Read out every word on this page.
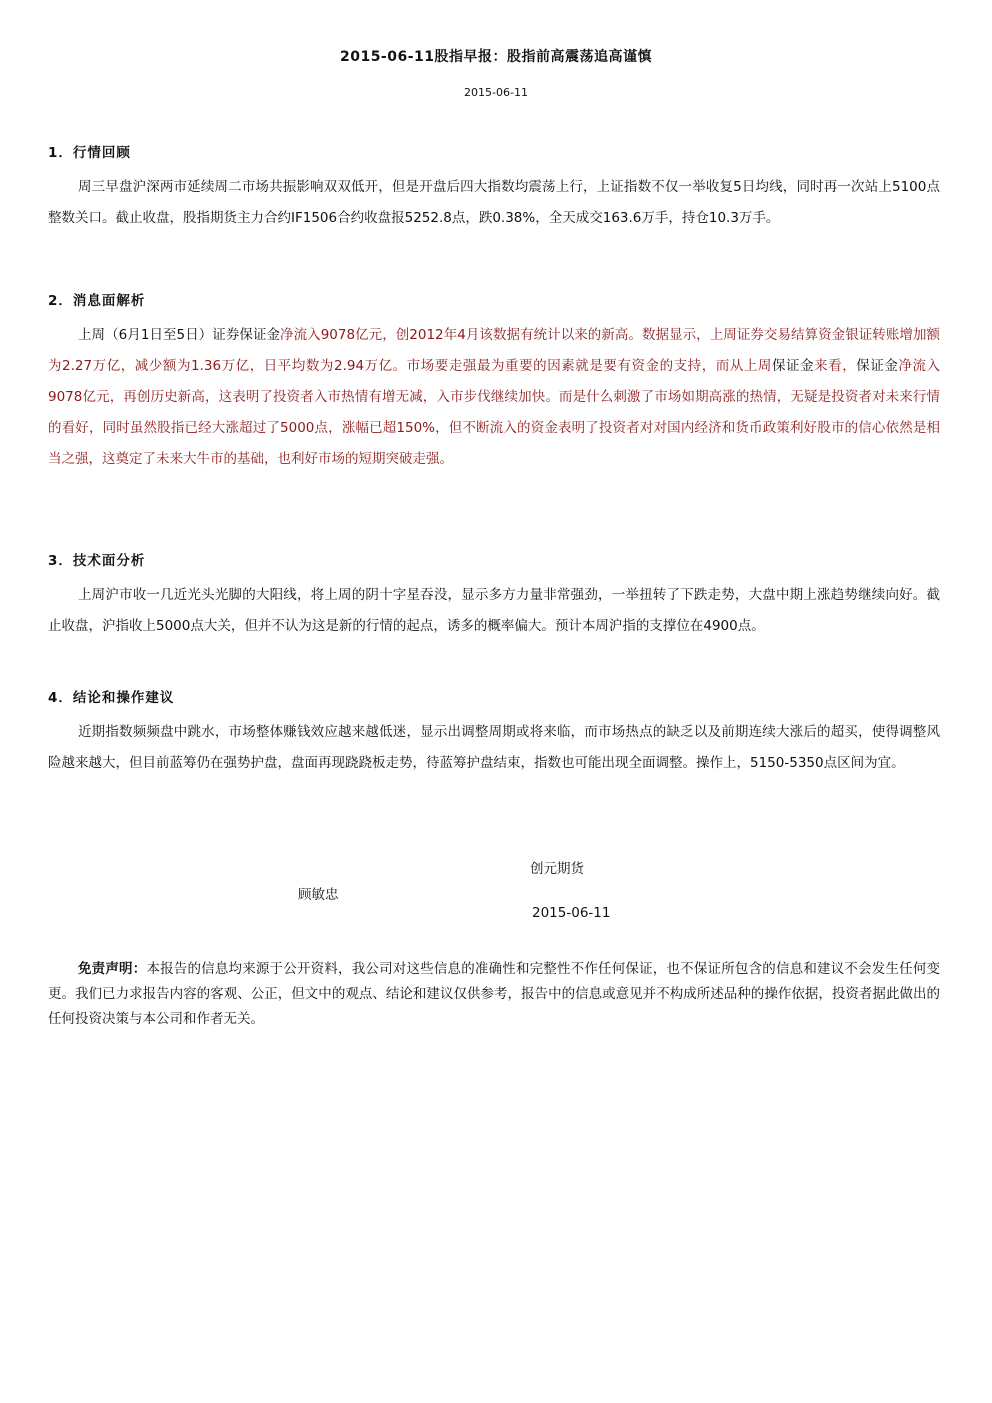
2015-06-11股指早报：股指前高震荡追高谨慎
2015-06-11
1．行情回顾

周三早盘沪深两市延续周二市场共振影响双双低开，但是开盘后四大指数均震荡上行，上证指数不仅一举收复5日均线，同时再一次站上5100点整数关口。截止收盘，股指期货主力合约IF1506合约收盘报5252.8点，跌0.38%，全天成交163.6万手，持仓10.3万手。

2．消息面解析

上周（6月1日至5日）证券保证金净流入9078亿元，创2012年4月该数据有统计以来的新高。数据显示，上周证券交易结算资金银证转账增加额为2.27万亿，减少额为1.36万亿，日平均数为2.94万亿。市场要走强最为重要的因素就是要有资金的支持，而从上周保证金来看，保证金净流入9078亿元，再创历史新高，这表明了投资者入市热情有增无减，入市步伐继续加快。而是什么刺激了市场如期高涨的热情，无疑是投资者对未来行情的看好，同时虽然股指已经大涨超过了5000点，涨幅已超150%，但不断流入的资金表明了投资者对对国内经济和货币政策利好股市的信心依然是相当之强，这奠定了未来大牛市的基础，也利好市场的短期突破走强。

3．技术面分析

上周沪市收一几近光头光脚的大阳线，将上周的阴十字星吞没，显示多方力量非常强劲，一举扭转了下跌走势，大盘中期上涨趋势继续向好。截止收盘，沪指收上5000点大关，但并不认为这是新的行情的起点，诱多的概率偏大。预计本周沪指的支撑位在4900点。

4．结论和操作建议

近期指数频频盘中跳水，市场整体赚钱效应越来越低迷，显示出调整周期或将来临，而市场热点的缺乏以及前期连续大涨后的超买，使得调整风险越来越大，但目前蓝筹仍在强势护盘，盘面再现跷跷板走势，待蓝筹护盘结束，指数也可能出现全面调整。操作上，5150-5350点区间为宜。

创元期货
顾敏忠
2015-06-11

免责声明：本报告的信息均来源于公开资料，我公司对这些信息的准确性和完整性不作任何保证，也不保证所包含的信息和建议不会发生任何变更。我们已力求报告内容的客观、公正，但文中的观点、结论和建议仅供参考，报告中的信息或意见并不构成所述品种的操作依据，投资者据此做出的任何投资决策与本公司和作者无关。
